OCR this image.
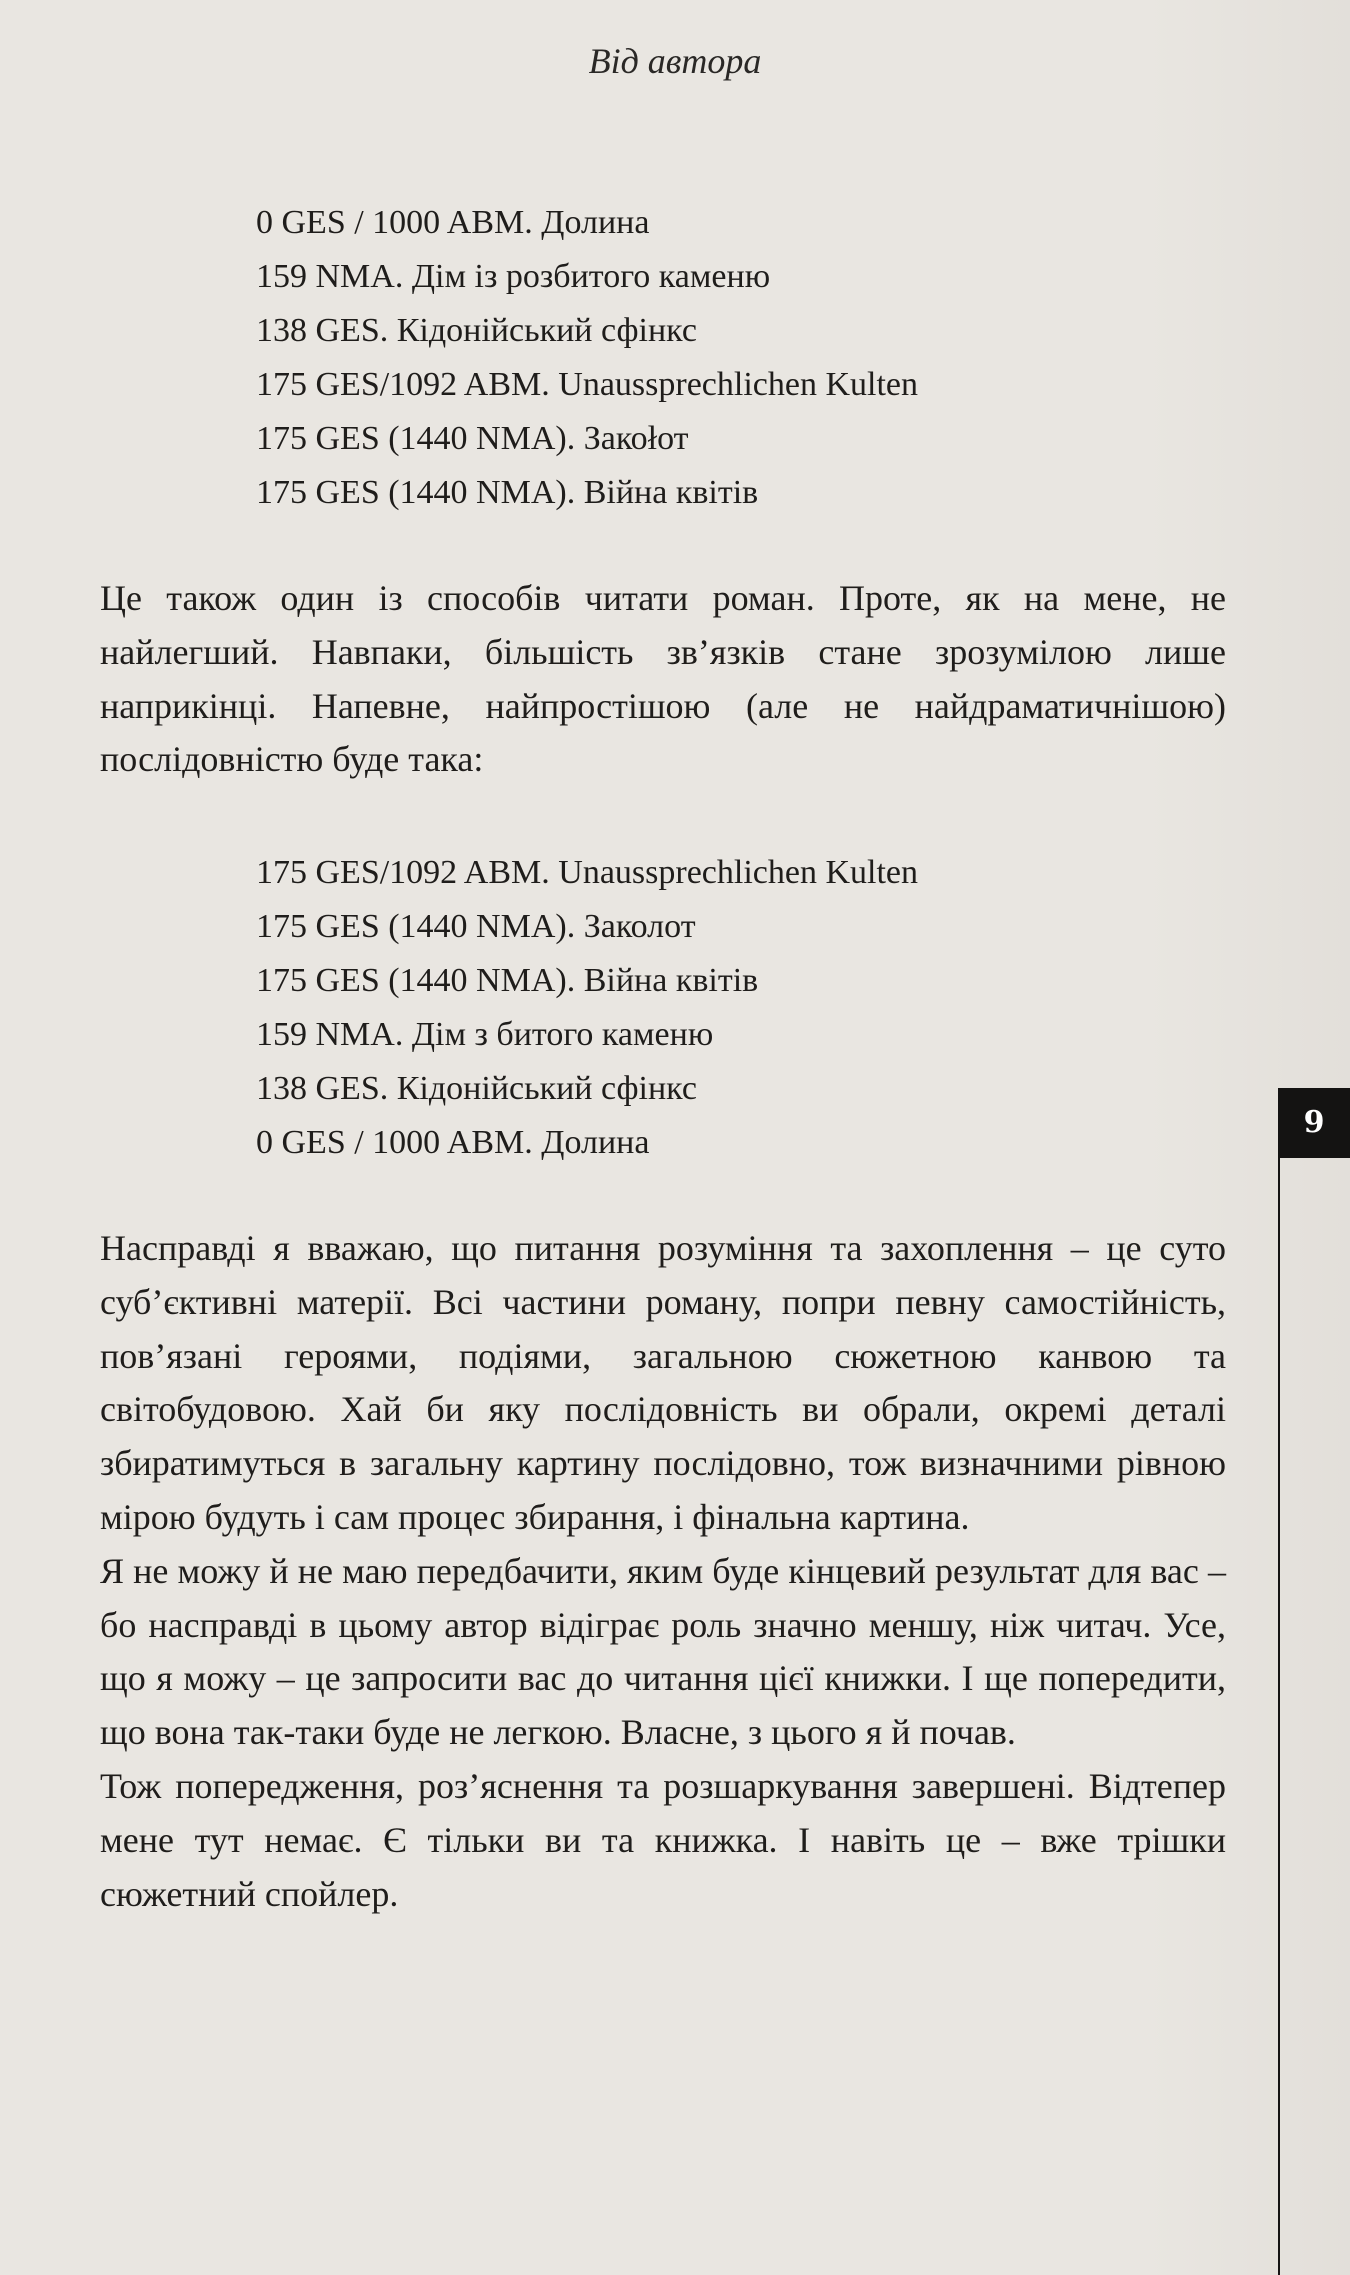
Від автора
0 GES / 1000 ABM. Долина
159 NMA. Дім із розбитого каменю
138 GES. Кідонійський сфінкс
175 GES/1092 ABM. Unaussprechlichen Kulten
175 GES (1440 NMA). Закоłот
175 GES (1440 NMA). Війна квітів

Це також один із способів читати роман. Проте, як на мене, не найлегший. Навпаки, більшість зв’язків стане зрозумілою лише наприкінці. Напевне, найпростішою (але не найдраматичнішою) послідовністю буде така:

175 GES/1092 ABM. Unaussprechlichen Kulten
175 GES (1440 NMA). Заколот
175 GES (1440 NMA). Війна квітів
159 NMA. Дім з битого каменю
138 GES. Кідонійський сфінкс
0 GES / 1000 ABM. Долина

Насправді я вважаю, що питання розуміння та захоплення – це суто суб’єктивні матерії. Всі частини роману, попри певну самостійність, пов’язані героями, подіями, загальною сюжетною канвою та світобудовою. Хай би яку послідовність ви обрали, окремі деталі збиратимуться в загальну картину послідовно, тож визначними рівною мірою будуть і сам процес збирання, і фінальна картина.

Я не можу й не маю передбачити, яким буде кінцевий результат для вас – бо насправді в цьому автор відіграє роль значно меншу, ніж читач. Усе, що я можу – це запросити вас до читання цієї книжки. І ще попередити, що вона так-таки буде не легкою. Власне, з цього я й почав.

Тож попередження, роз’яснення та розшаркування завершені. Відтепер мене тут немає. Є тільки ви та книжка. І навіть це – вже трішки сюжетний спойлер.

9
